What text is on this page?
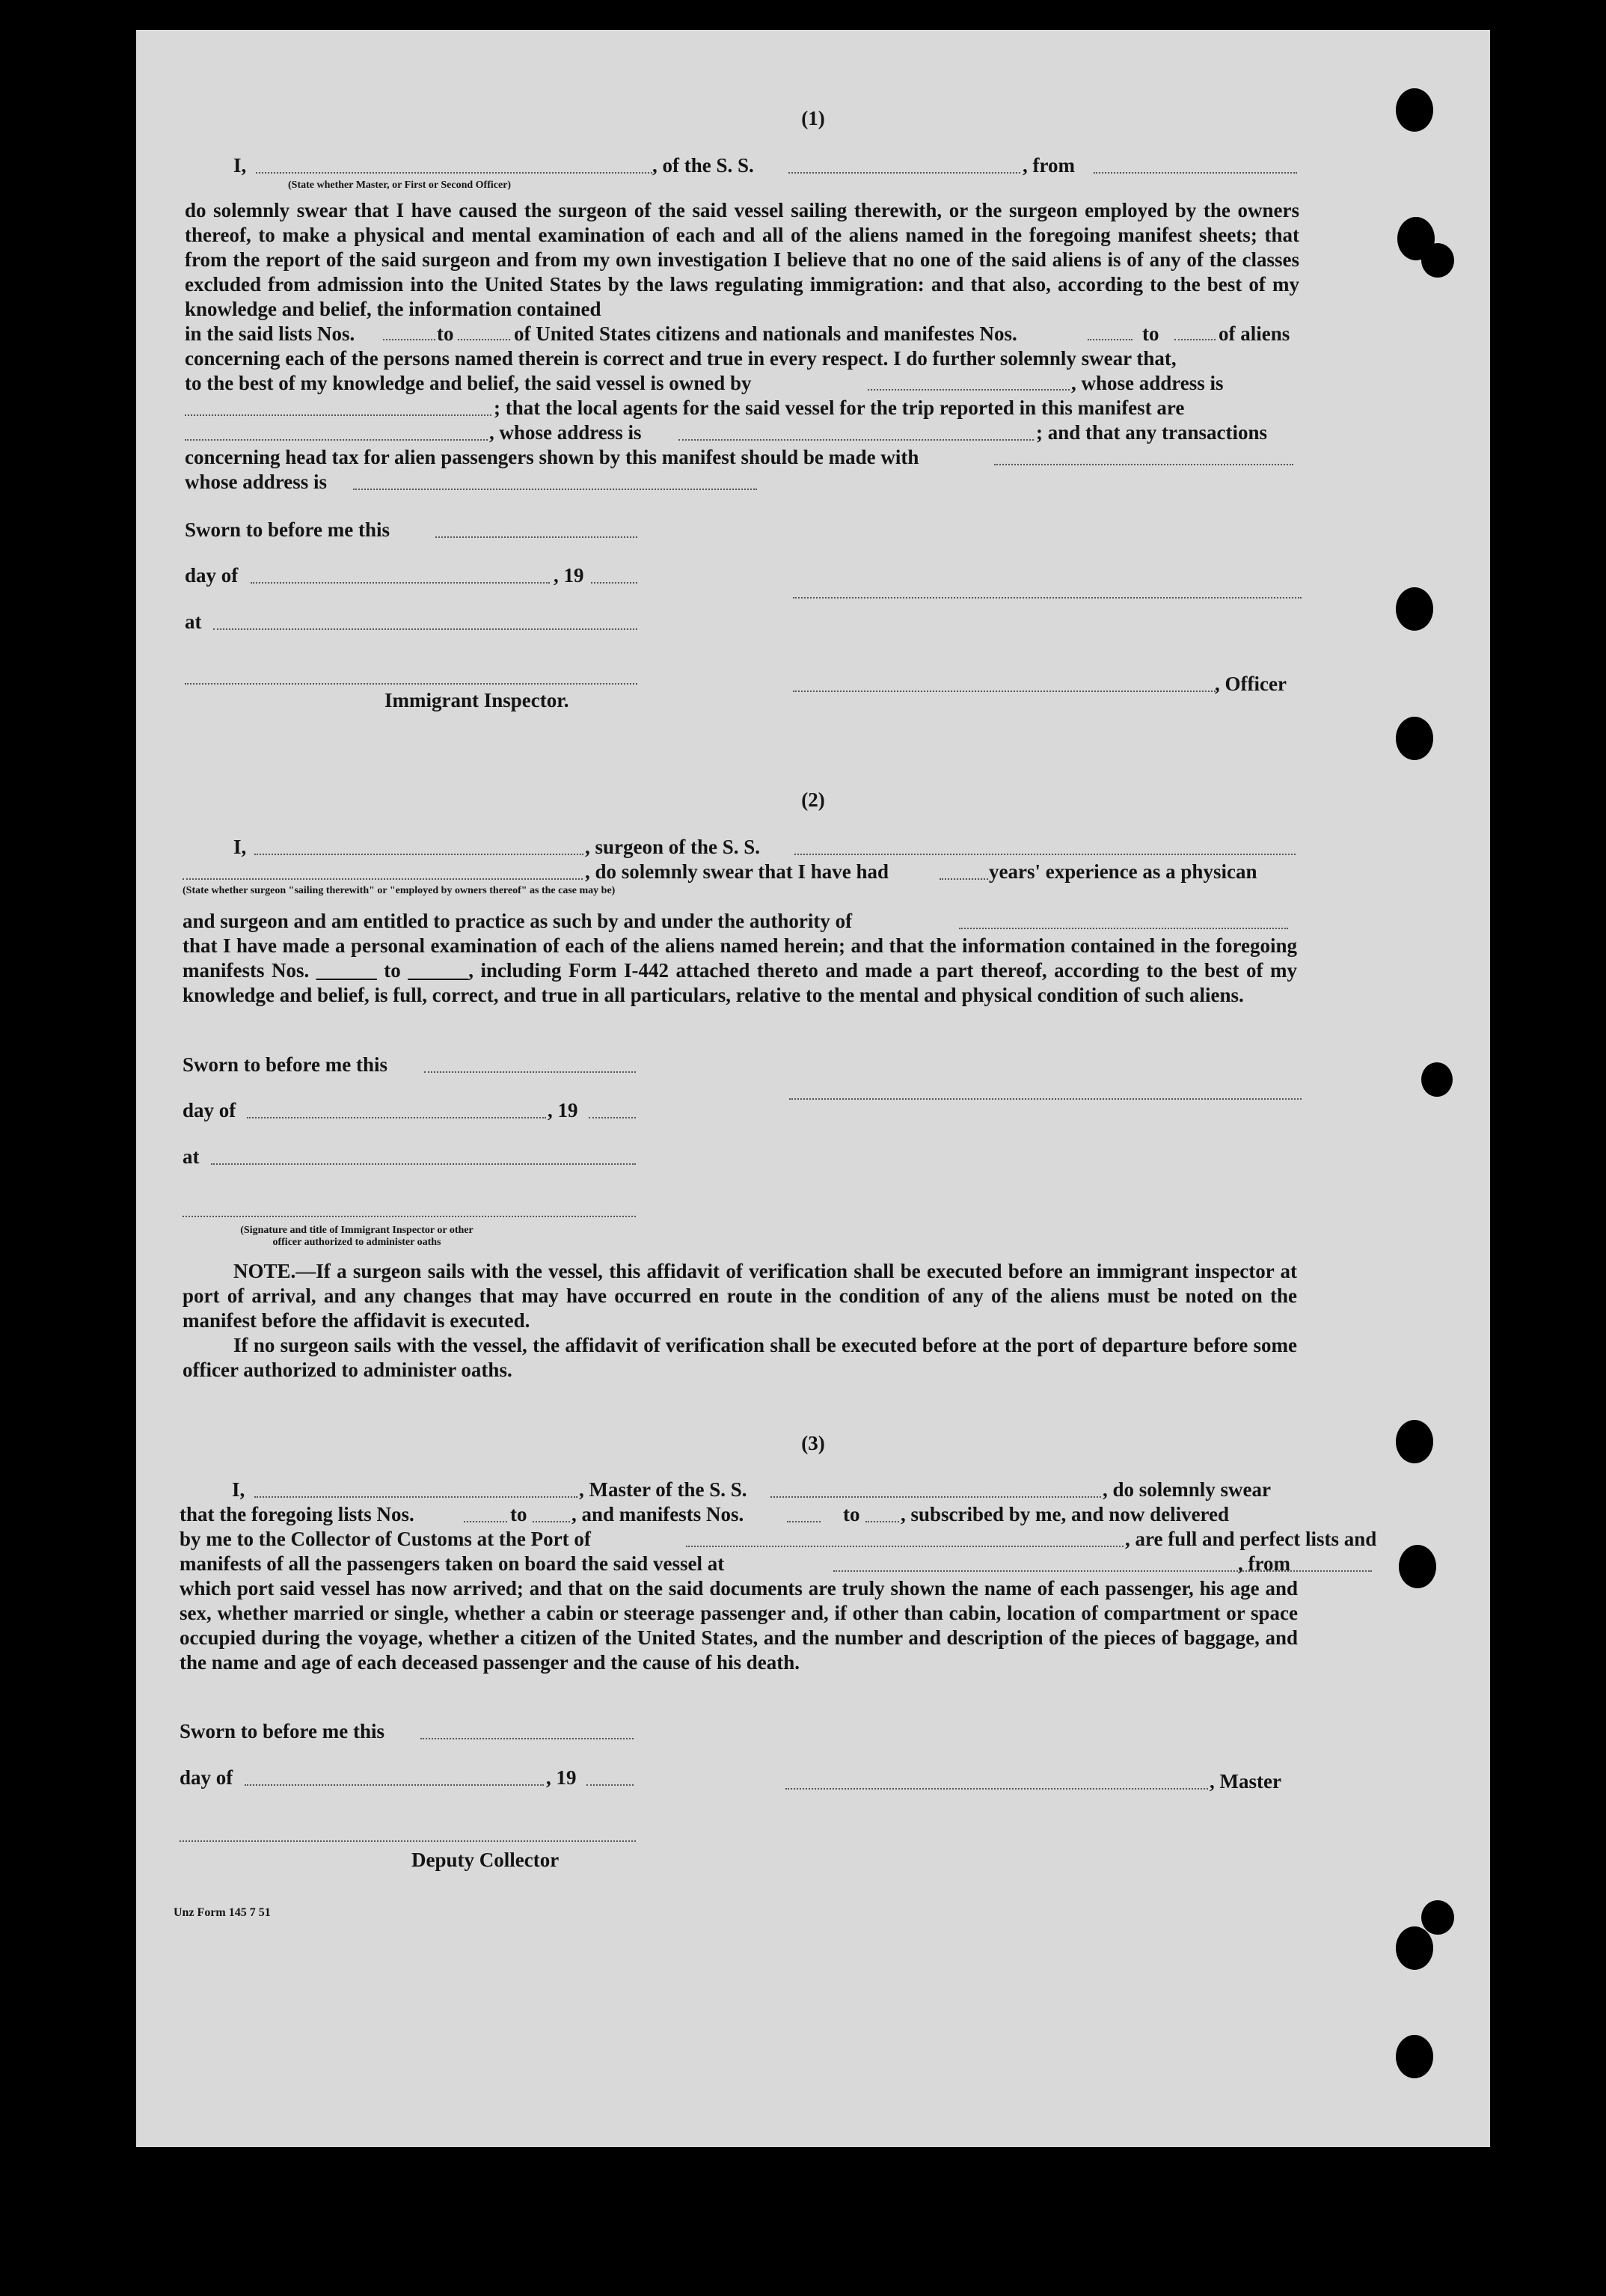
(1)
I,	, of the S. S.	, from
(State whether Master, or First or Second Officer)
do solemnly swear that I have caused the surgeon of the said vessel sailing therewith, or the surgeon employed by the owners thereof, to make a physical and mental examination of each and all of the aliens named in the foregoing manifest sheets; that from the report of the said surgeon and from my own investigation I believe that no one of the said aliens is of any of the classes excluded from admission into the United States by the laws regulating immigration: and that also, according to the best of my knowledge and belief, the information contained
in the said lists Nos.	to	of United States citizens and nationals and manifestes Nos.	to	of aliens
concerning each of the persons named therein is correct and true in every respect. I do further solemnly swear that,
to the best of my knowledge and belief, the said vessel is owned by	, whose address is
; that the local agents for the said vessel for the trip reported in this manifest are
, whose address is	; and that any transactions
concerning head tax for alien passengers shown by this manifest should be made with
whose address is
Sworn to before me this
day of	, 19
at
, Officer
Immigrant Inspector.
(2)
I,	, surgeon of the S. S.
, do solemnly swear that I have had	years' experience as a physican
(State whether surgeon "sailing therewith" or "employed by owners thereof" as the case may be)
and surgeon and am entitled to practice as such by and under the authority of
that I have made a personal examination of each of the aliens named herein; and that the information contained in the foregoing manifests Nos. ______ to ______, including Form I-442 attached thereto and made a part thereof, according to the best of my knowledge and belief, is full, correct, and true in all particulars, relative to the mental and physical condition of such aliens.
Sworn to before me this
day of	, 19
at
(Signature and title of Immigrant Inspector or other officer authorized to administer oaths
NOTE.—If a surgeon sails with the vessel, this affidavit of verification shall be executed before an immigrant inspector at port of arrival, and any changes that may have occurred en route in the condition of any of the aliens must be noted on the manifest before the affidavit is executed.
If no surgeon sails with the vessel, the affidavit of verification shall be executed before at the port of departure before some officer authorized to administer oaths.
(3)
I,	, Master of the S. S.	, do solemnly swear
that the foregoing lists Nos.	to , and manifests Nos.	to , subscribed by me, and now delivered
by me to the Collector of Customs at the Port of	, are full and perfect lists and
manifests of all the passengers taken on board the said vessel at	, from
which port said vessel has now arrived; and that on the said documents are truly shown the name of each passenger, his age and sex, whether married or single, whether a cabin or steerage passenger and, if other than cabin, location of compartment or space occupied during the voyage, whether a citizen of the United States, and the number and description of the pieces of baggage, and the name and age of each deceased passenger and the cause of his death.
Sworn to before me this
day of	, 19	, Master
Deputy Collector
Unz Form 145 7 51
